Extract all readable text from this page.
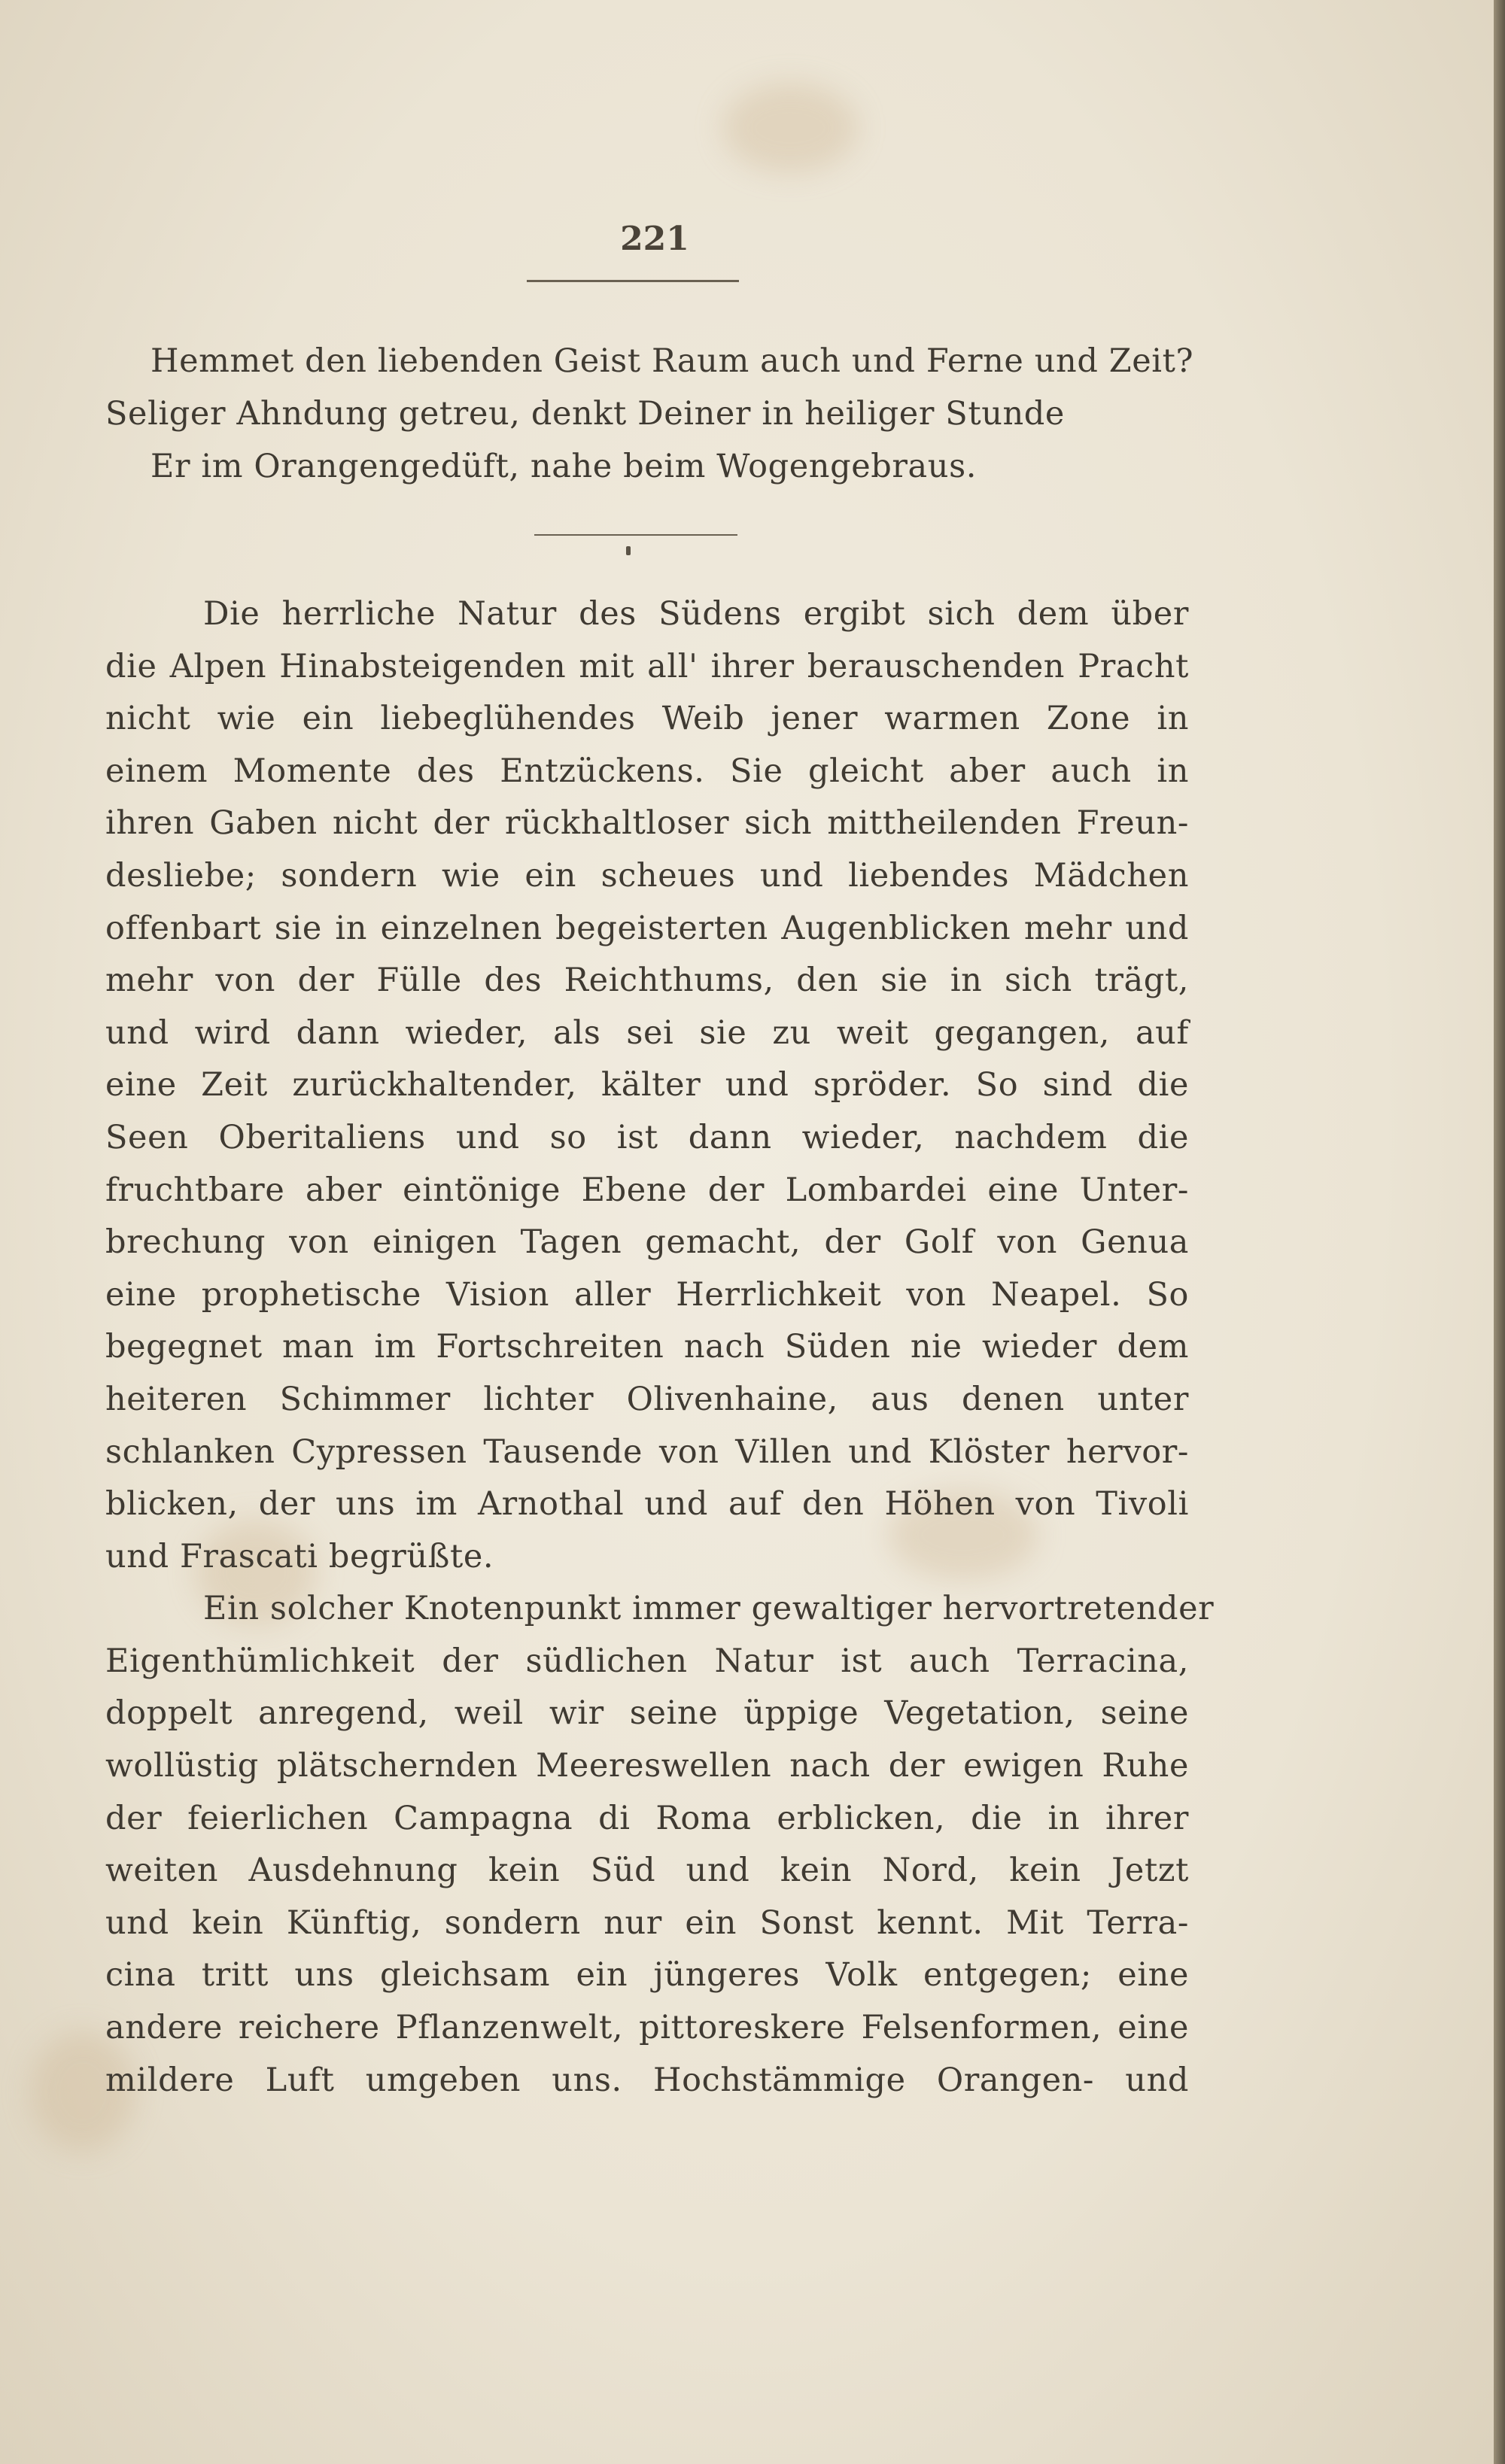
221
Hemmet den liebenden Geist Raum auch und Ferne und Zeit?
Seliger Ahndung getreu, denkt Deiner in heiliger Stunde
Er im Orangengedüft, nahe beim Wogengebraus.
Die herrliche Natur des Südens ergibt sich dem über
die Alpen Hinabsteigenden mit all' ihrer berauschenden Pracht
nicht wie ein liebeglühendes Weib jener warmen Zone in
einem Momente des Entzückens. Sie gleicht aber auch in
ihren Gaben nicht der rückhaltloser sich mittheilenden Freun-
desliebe; sondern wie ein scheues und liebendes Mädchen
offenbart sie in einzelnen begeisterten Augenblicken mehr und
mehr von der Fülle des Reichthums, den sie in sich trägt,
und wird dann wieder, als sei sie zu weit gegangen, auf
eine Zeit zurückhaltender, kälter und spröder. So sind die
Seen Oberitaliens und so ist dann wieder, nachdem die
fruchtbare aber eintönige Ebene der Lombardei eine Unter-
brechung von einigen Tagen gemacht, der Golf von Genua
eine prophetische Vision aller Herrlichkeit von Neapel. So
begegnet man im Fortschreiten nach Süden nie wieder dem
heiteren Schimmer lichter Olivenhaine, aus denen unter
schlanken Cypressen Tausende von Villen und Klöster hervor-
blicken, der uns im Arnothal und auf den Höhen von Tivoli
und Frascati begrüßte.
Ein solcher Knotenpunkt immer gewaltiger hervortretender
Eigenthümlichkeit der südlichen Natur ist auch Terracina,
doppelt anregend, weil wir seine üppige Vegetation, seine
wollüstig plätschernden Meereswellen nach der ewigen Ruhe
der feierlichen Campagna di Roma erblicken, die in ihrer
weiten Ausdehnung kein Süd und kein Nord, kein Jetzt
und kein Künftig, sondern nur ein Sonst kennt. Mit Terra-
cina tritt uns gleichsam ein jüngeres Volk entgegen; eine
andere reichere Pflanzenwelt, pittoreskere Felsenformen, eine
mildere Luft umgeben uns. Hochstämmige Orangen- und
